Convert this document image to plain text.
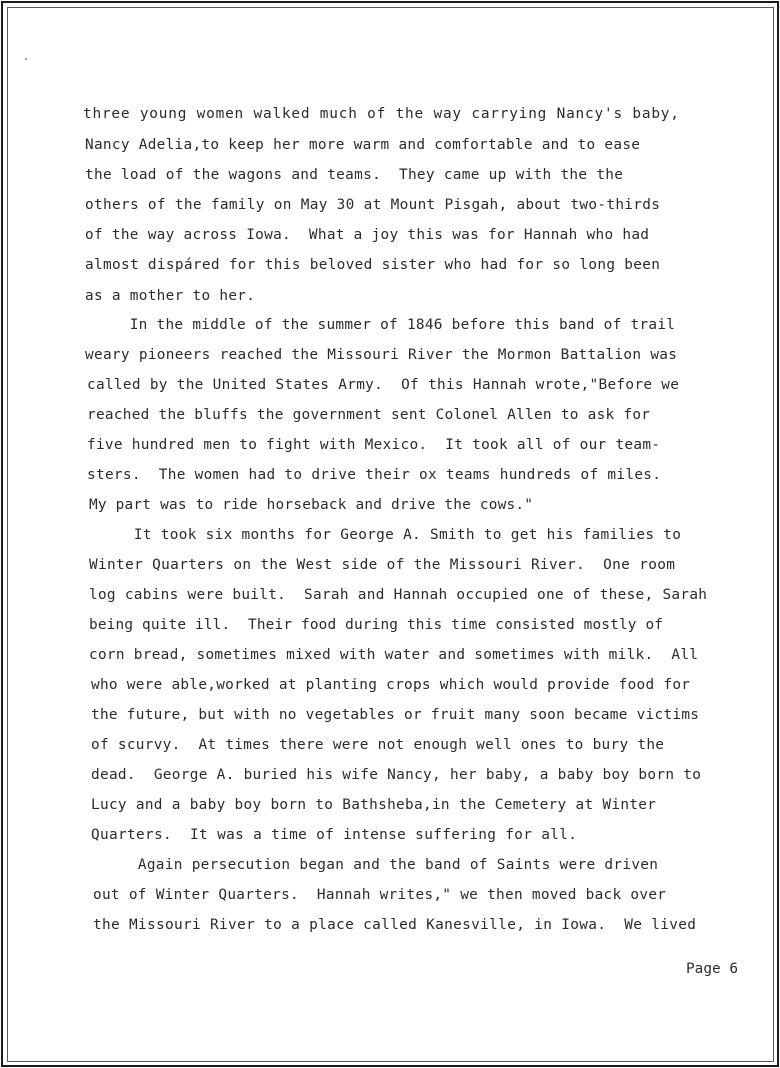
three young women walked much of the way carrying Nancy's baby,
Nancy Adelia,to keep her more warm and comfortable and to ease
the load of the wagons and teams.  They came up with the the
others of the family on May 30 at Mount Pisgah, about two-thirds
of the way across Iowa.  What a joy this was for Hannah who had
almost dispáred for this beloved sister who had for so long been
as a mother to her.
In the middle of the summer of 1846 before this band of trail
weary pioneers reached the Missouri River the Mormon Battalion was
called by the United States Army.  Of this Hannah wrote,"Before we
reached the bluffs the government sent Colonel Allen to ask for
five hundred men to fight with Mexico.  It took all of our team-
sters.  The women had to drive their ox teams hundreds of miles.
My part was to ride horseback and drive the cows."
It took six months for George A. Smith to get his families to
Winter Quarters on the West side of the Missouri River.  One room
log cabins were built.  Sarah and Hannah occupied one of these, Sarah
being quite ill.  Their food during this time consisted mostly of
corn bread, sometimes mixed with water and sometimes with milk.  All
who were able,worked at planting crops which would provide food for
the future, but with no vegetables or fruit many soon became victims
of scurvy.  At times there were not enough well ones to bury the
dead.  George A. buried his wife Nancy, her baby, a baby boy born to
Lucy and a baby boy born to Bathsheba,in the Cemetery at Winter
Quarters.  It was a time of intense suffering for all.
Again persecution began and the band of Saints were driven
out of Winter Quarters.  Hannah writes," we then moved back over
the Missouri River to a place called Kanesville, in Iowa.  We lived
Page 6
